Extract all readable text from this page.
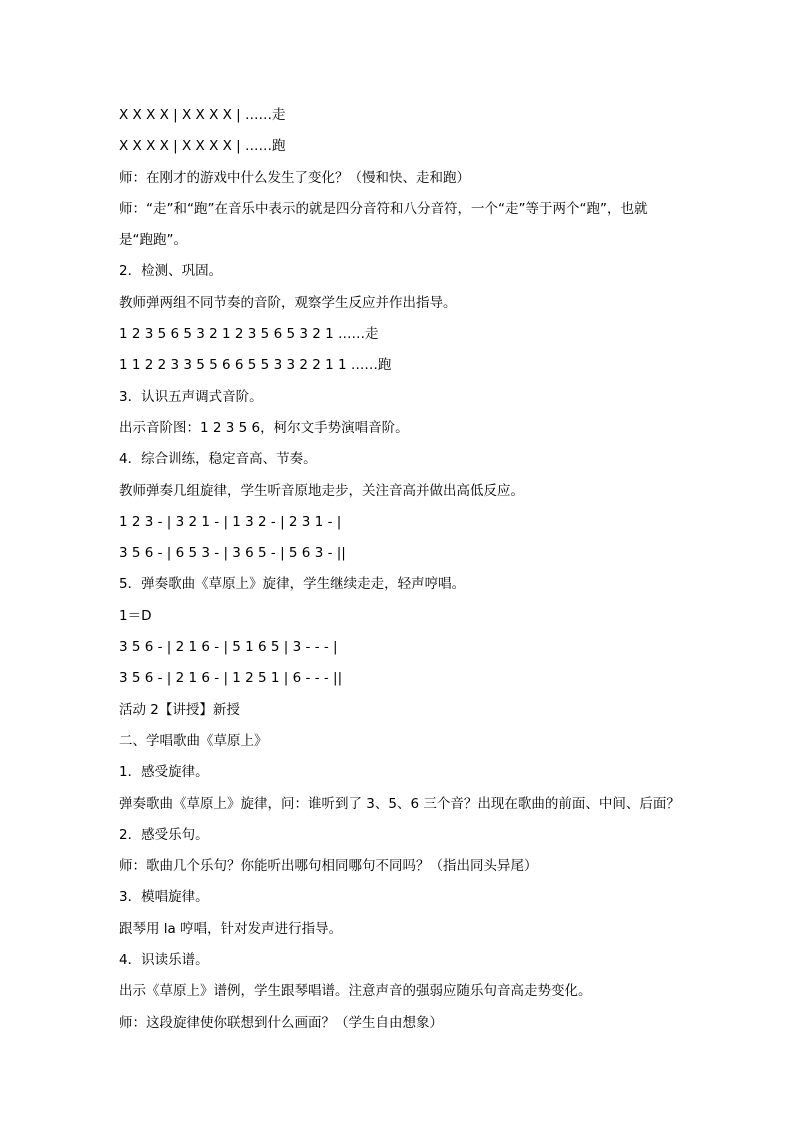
X X X X | X X X X | ……走
X X X X | X X X X | ……跑
师：在刚才的游戏中什么发生了变化？（慢和快、走和跑）
师：“走”和“跑”在音乐中表示的就是四分音符和八分音符，一个“走”等于两个“跑”，也就是“跑跑”。
2．检测、巩固。
教师弹两组不同节奏的音阶，观察学生反应并作出指导。
1 2 3 5 6 5 3 2 1 2 3 5 6 5 3 2 1 ……走
1 1 2 2 3 3 5 5 6 6 5 5 3 3 2 2 1 1 ……跑
3．认识五声调式音阶。
出示音阶图：1 2 3 5 6，柯尔文手势演唱音阶。
4．综合训练，稳定音高、节奏。
教师弹奏几组旋律，学生听音原地走步，关注音高并做出高低反应。
1 2 3 - | 3 2 1 - | 1 3 2 - | 2 3 1 - |
3 5 6 - | 6 5 3 - | 3 6 5 - | 5 6 3 - ||
5．弹奏歌曲《草原上》旋律，学生继续走走，轻声哼唱。
1＝D
3 5 6 - | 2 1 6 - | 5 1 6 5 | 3 - - - |
3 5 6 - | 2 1 6 - | 1 2 5 1 | 6 - - - ||
活动 2【讲授】新授
二、学唱歌曲《草原上》
1．感受旋律。
弹奏歌曲《草原上》旋律，问：谁听到了 3、5、6 三个音？出现在歌曲的前面、中间、后面？
2．感受乐句。
师：歌曲几个乐句？你能听出哪句相同哪句不同吗？（指出同头异尾）
3．模唱旋律。
跟琴用 la 哼唱，针对发声进行指导。
4．识读乐谱。
出示《草原上》谱例，学生跟琴唱谱。注意声音的强弱应随乐句音高走势变化。
师：这段旋律使你联想到什么画面？（学生自由想象）
